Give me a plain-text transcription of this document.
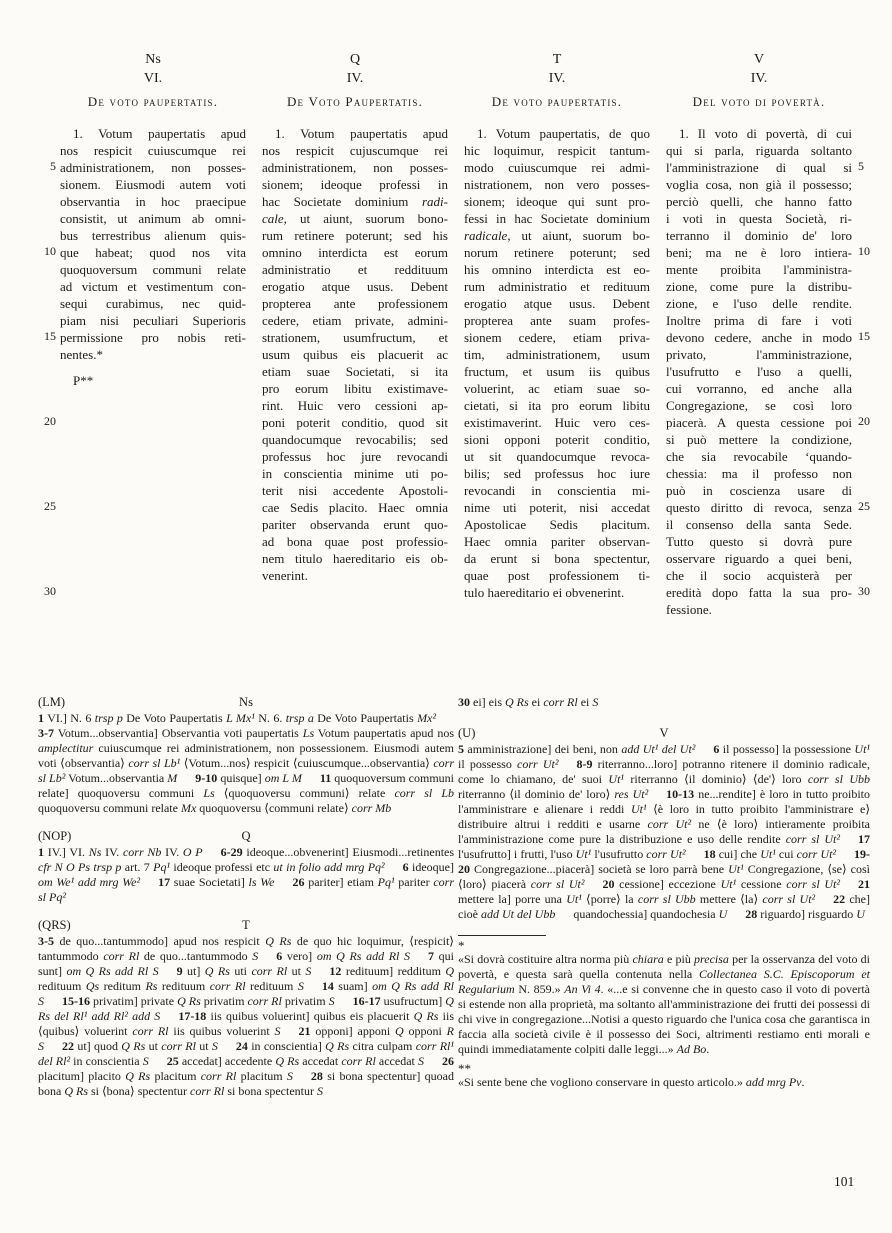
5
10
15
20
25
30
5
10
15
20
25
30
Ns
VI.
De voto paupertatis.
1. Votum paupertatis apud
nos respicit cuiuscumque rei
administrationem, non posses-
sionem. Eiusmodi autem voti
observantia in hoc praecipue
consistit, ut animum ab omni-
bus terrestribus alienum quis-
que habeat; quod nos vita
quoquoversum communi relate
ad victum et vestimentum con-
sequi curabimus, nec quid-
piam nisi peculiari Superioris
permissione pro nobis reti-
nentes.*
P**
Q
IV.
De Voto Paupertatis.
1. Votum paupertatis apud
nos respicit cujuscumque rei
administrationem, non posses-
sionem; ideoque professi in
hac Societate dominium radi-
cale, ut aiunt, suorum bono-
rum retinere poterunt; sed his
omnino interdicta est eorum
administratio et reddituum
erogatio atque usus. Debent
propterea ante professionem
cedere, etiam private, admini-
strationem, usumfructum, et
usum quibus eis placuerit ac
etiam suae Societati, si ita
pro eorum libitu existimave-
rint. Huic vero cessioni ap-
poni poterit conditio, quod sit
quandocumque revocabilis; sed
professus hoc jure revocandi
in conscientia minime uti po-
terit nisi accedente Apostoli-
cae Sedis placito. Haec omnia
pariter observanda erunt quo-
ad bona quae post professio-
nem titulo haereditario eis ob-
venerint.
T
IV.
De voto paupertatis.
1. Votum paupertatis, de quo
hic loquimur, respicit tantum-
modo cuiuscumque rei admi-
nistrationem, non vero posses-
sionem; ideoque qui sunt pro-
fessi in hac Societate dominium
radicale, ut aiunt, suorum bo-
norum retinere poterunt; sed
his omnino interdicta est eo-
rum administratio et redituum
erogatio atque usus. Debent
propterea ante suam profes-
sionem cedere, etiam priva-
tim, administrationem, usum
fructum, et usum iis quibus
voluerint, ac etiam suae so-
cietati, si ita pro eorum libitu
existimaverint. Huic vero ces-
sioni opponi poterit conditio,
ut sit quandocumque revoca-
bilis; sed professus hoc iure
revocandi in conscientia mi-
nime uti poterit, nisi accedat
Apostolicae Sedis placitum.
Haec omnia pariter observan-
da erunt si bona spectentur,
quae post professionem ti-
tulo haereditario ei obvenerint.
V
IV.
Del voto di povertà.
1. Il voto di povertà, di cui
qui si parla, riguarda soltanto
l'amministrazione di qual si
voglia cosa, non già il possesso;
perciò quelli, che hanno fatto
i voti in questa Società, ri-
terranno il dominio de' loro
beni; ma ne è loro intiera-
mente proibita l'amministra-
zione, come pure la distribu-
zione, e l'uso delle rendite.
Inoltre prima di fare i voti
devono cedere, anche in modo
privato, l'amministrazione,
l'usufrutto e l'uso a quelli,
cui vorranno, ed anche alla
Congregazione, se così loro
piacerà. A questa cessione poi
si può mettere la condizione,
che sia revocabile ‘quando-
chessia: ma il professo non
può in coscienza usare di
questo diritto di revoca, senza
il consenso della santa Sede.
Tutto questo si dovrà pure
osservare riguardo a quei beni,
che il socio acquisterà per
eredità dopo fatta la sua pro-
fessione.
(LM)	Ns
1 VI.] N. 6 trsp p De Voto Paupertatis L Mx¹ N. 6. trsp a De Voto Paupertatis Mx²  3-7 Votum...observantia] Observantia voti paupertatis Ls Votum paupertatis apud nos amplectitur cuiuscumque rei administrationem, non possessionem. Eiusmodi autem voti ⟨observantia⟩ corr sl Lb¹ ⟨Votum...nos⟩ respicit ⟨cuiuscumque...observantia⟩ corr sl Lb² Votum...observantia M   9-10 quisque] om L M   11 quoquoversum communi relate] quoquoversu communi Ls ⟨quoquoversu communi⟩ relate corr sl Lb quoquoversu communi relate Mx quoquoversu ⟨communi relate⟩ corr Mb
(NOP)	Q
1 IV.] VI. Ns IV. corr Nb IV. O P   6-29 ideoque...obvenerint] Eiusmodi...retinentes cfr N O Ps trsp p art. 7 Pq¹ ideoque professi etc ut in folio add mrg Pq²   6 ideoque] om We¹ add mrg We²   17 suae Societati] ls We   26 pariter] etiam Pq¹ pariter corr sl Pq²
(QRS)	T
3-5 de quo...tantummodo] apud nos respicit Q Rs de quo hic loquimur, ⟨respicit⟩ tantummodo corr Rl de quo...tantummodo S   6 vero] om Q Rs add Rl S   7 qui sunt] om Q Rs add Rl S   9 ut] Q Rs uti corr Rl ut S   12 redituum] redditum Q redituum Qs reditum Rs redituum corr Rl redituum S   14 suam] om Q Rs add Rl S   15-16 privatim] private Q Rs privatim corr Rl privatim S   16-17 usufructum] Q Rs del Rl¹ add Rl² add S   17-18 iis quibus voluerint] quibus eis placuerit Q Rs iis ⟨quibus⟩ voluerint corr Rl iis quibus voluerint S   21 opponi] apponi Q opponi R S   22 ut] quod Q Rs ut corr Rl ut S   24 in conscientia] Q Rs citra culpam corr Rl¹ del Rl² in conscientia S   25 accedat] accedente Q Rs accedat corr Rl accedat S   26 placitum] placito Q Rs placitum corr Rl placitum S   28 si bona spectentur] quoad bona Q Rs si ⟨bona⟩ spectentur corr Rl si bona spectentur S
30 ei] eis Q Rs ei corr Rl ei S
(U)	V
5 amministrazione] dei beni, non add Ut¹ del Ut²   6 il possesso] la possessione Ut¹ il possesso corr Ut²   8-9 riterranno...loro] potranno ritenere il dominio radicale, come lo chiamano, de' suoi Ut¹ riterranno ⟨il dominio⟩ ⟨de'⟩ loro corr sl Ubb riterranno ⟨il dominio de' loro⟩ res Ut²   10-13 ne...rendite] è loro in tutto proibito l'amministrare e alienare i reddi Ut¹ ⟨è loro in tutto proibito l'amministrare e⟩ distribuire altrui i redditi e usarne corr Ut² ne ⟨è loro⟩ intieramente proibita l'amministrazione come pure la distribuzione e uso delle rendite corr sl Ut²   17 l'usufrutto] i frutti, l'uso Ut¹ l'usufrutto corr Ut²   18 cui] che Ut¹ cui corr Ut²   19-20 Congregazione...piacerà] società se loro parrà bene Ut¹ Congregazione, ⟨se⟩ così ⟨loro⟩ piacerà corr sl Ut²   20 cessione] eccezione Ut¹ cessione corr sl Ut²   21 mettere la] porre una Ut¹ ⟨porre⟩ la corr sl Ubb mettere ⟨la⟩ corr sl Ut²   22 che] cioè add Ut del Ubb  quandochessia] quandochesia U   28 riguardo] risguardo U
*
«Si dovrà costituire altra norma più chiara e più precisa per la osservanza del voto di povertà, e questa sarà quella contenuta nella Collectanea S.C. Episcoporum et Regularium N. 859.» An Vi 4. «...e si convenne che in questo caso il voto di povertà si estende non alla proprietà, ma soltanto all'amministrazione dei frutti dei possessi di chi vive in congregazione...Notisi a questo riguardo che l'unica cosa che garantisca in faccia alla società civile è il possesso dei Soci, altrimenti restiamo enti morali e quindi immediatamente colpiti dalle leggi...» Ad Bo.
**
«Si sente bene che vogliono conservare in questo articolo.» add mrg Pv.
101
